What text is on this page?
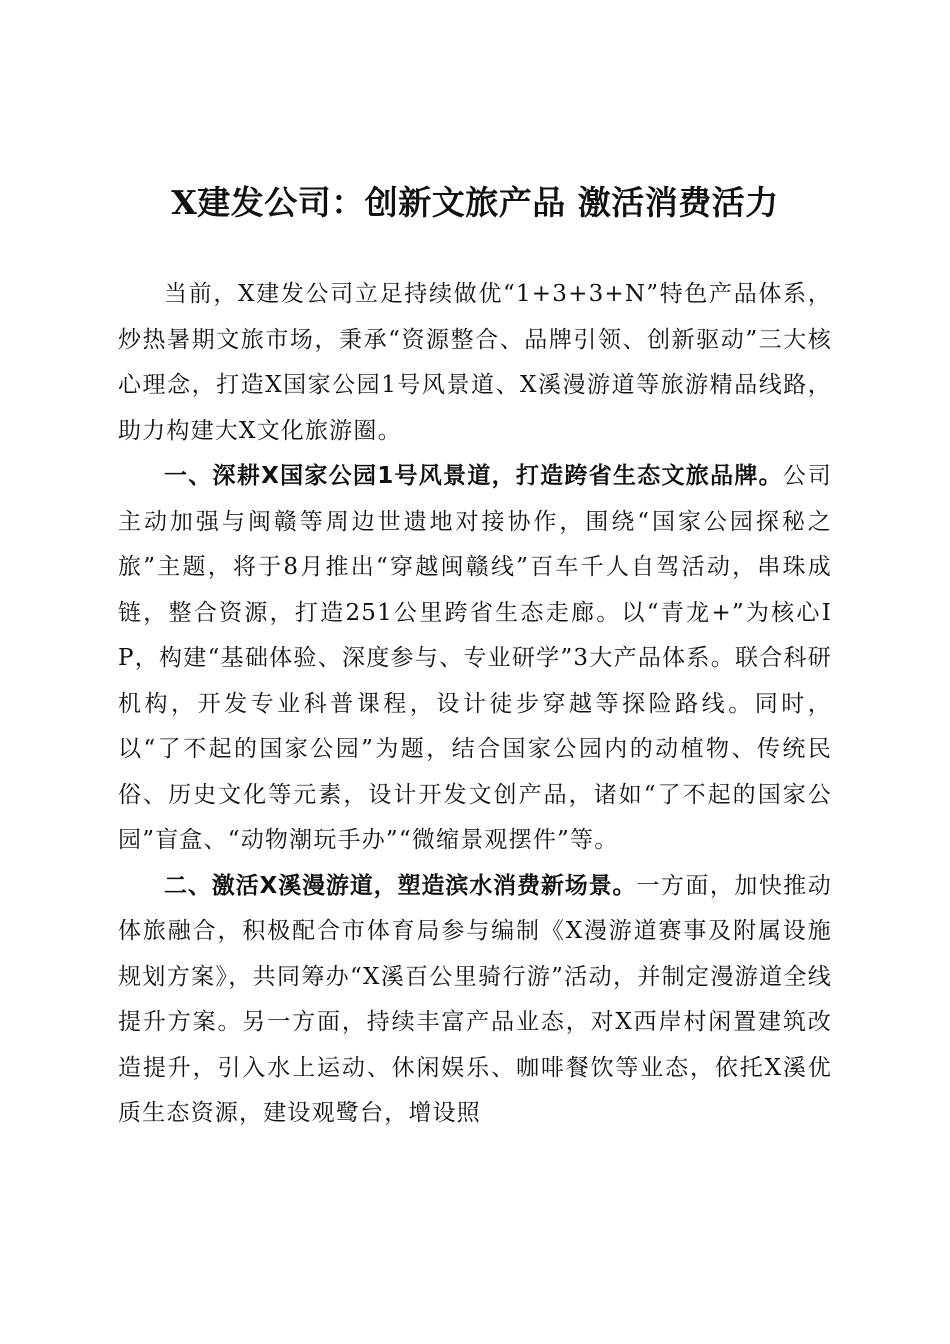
X建发公司：创新文旅产品 激活消费活力

当前，X建发公司立足持续做优“1+3+3+N”特色产品体系，炒热暑期文旅市场，秉承“资源整合、品牌引领、创新驱动”三大核心理念，打造X国家公园1号风景道、X溪漫游道等旅游精品线路，助力构建大X文化旅游圈。

一、深耕X国家公园1号风景道，打造跨省生态文旅品牌。公司主动加强与闽赣等周边世遗地对接协作，围绕“国家公园探秘之旅”主题，将于8月推出“穿越闽赣线”百车千人自驾活动，串珠成链，整合资源，打造251公里跨省生态走廊。以“青龙+”为核心IP，构建“基础体验、深度参与、专业研学”3大产品体系。联合科研机构，开发专业科普课程，设计徒步穿越等探险路线。同时，以“了不起的国家公园”为题，结合国家公园内的动植物、传统民俗、历史文化等元素，设计开发文创产品，诸如“了不起的国家公园”盲盒、“动物潮玩手办”“微缩景观摆件”等。

二、激活X溪漫游道，塑造滨水消费新场景。一方面，加快推动体旅融合，积极配合市体育局参与编制《X漫游道赛事及附属设施规划方案》，共同筹办“X溪百公里骑行游”活动，并制定漫游道全线提升方案。另一方面，持续丰富产品业态，对X西岸村闲置建筑改造提升，引入水上运动、休闲娱乐、咖啡餐饮等业态，依托X溪优质生态资源，建设观鹭台，增设照
